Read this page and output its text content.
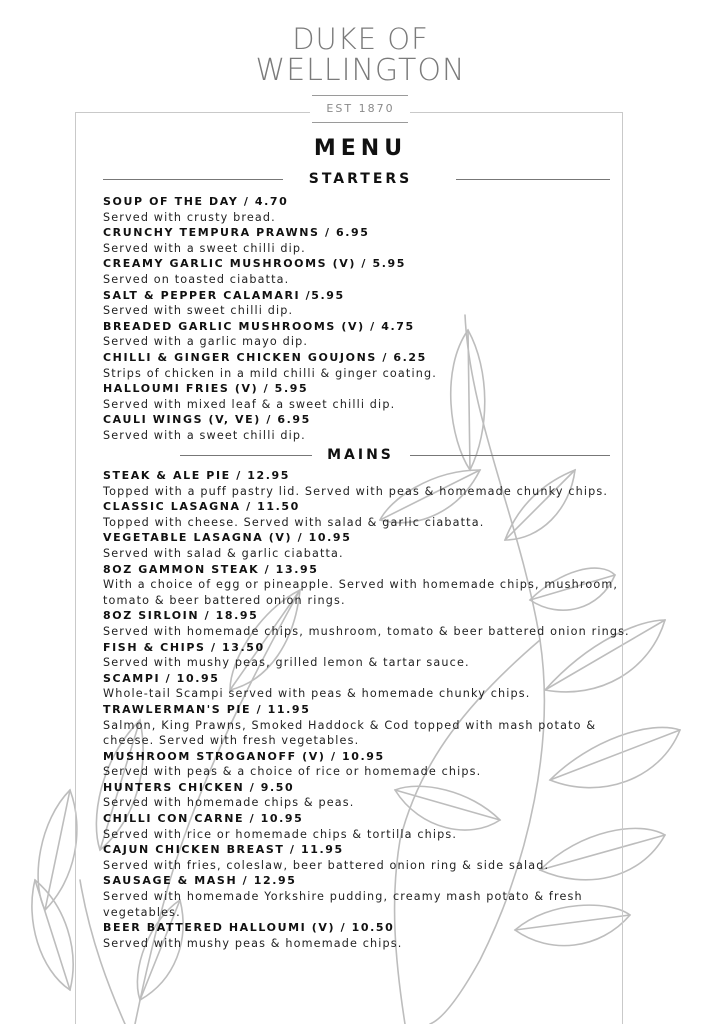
DUKE OF
WELLINGTON
EST 1870
MENU
STARTERS
SOUP OF THE DAY / 4.70
Served with crusty bread.
CRUNCHY TEMPURA PRAWNS / 6.95
Served with a sweet chilli dip.
CREAMY GARLIC MUSHROOMS (V) / 5.95
Served on toasted ciabatta.
SALT & PEPPER CALAMARI /5.95
Served with sweet chilli dip.
BREADED GARLIC MUSHROOMS (V) / 4.75
Served with a garlic mayo dip.
CHILLI & GINGER CHICKEN GOUJONS / 6.25
Strips of chicken in a mild chilli & ginger coating.
HALLOUMI FRIES (V) / 5.95
Served with mixed leaf & a sweet chilli dip.
CAULI WINGS (V, VE) / 6.95
Served with a sweet chilli dip.
MAINS
STEAK & ALE PIE / 12.95
Topped with a puff pastry lid. Served with peas & homemade chunky chips.
CLASSIC LASAGNA / 11.50
Topped with cheese. Served with salad & garlic ciabatta.
VEGETABLE LASAGNA (V) / 10.95
Served with salad & garlic ciabatta.
8OZ GAMMON STEAK / 13.95
With a choice of egg or pineapple. Served with homemade chips, mushroom, tomato & beer battered onion rings.
8OZ SIRLOIN / 18.95
Served with homemade chips, mushroom, tomato & beer battered onion rings.
FISH & CHIPS / 13.50
Served with mushy peas, grilled lemon & tartar sauce.
SCAMPI / 10.95
Whole-tail Scampi served with peas & homemade chunky chips.
TRAWLERMAN'S PIE / 11.95
Salmon, King Prawns, Smoked Haddock & Cod topped with mash potato & cheese. Served with fresh vegetables.
MUSHROOM STROGANOFF (V) / 10.95
Served with peas & a choice of rice or homemade chips.
HUNTERS CHICKEN / 9.50
Served with homemade chips & peas.
CHILLI CON CARNE / 10.95
Served with rice or homemade chips & tortilla chips.
CAJUN CHICKEN BREAST / 11.95
Served with fries, coleslaw, beer battered onion ring & side salad.
SAUSAGE & MASH / 12.95
Served with homemade Yorkshire pudding, creamy mash potato & fresh vegetables.
BEER BATTERED HALLOUMI (V) / 10.50
Served with mushy peas & homemade chips.
